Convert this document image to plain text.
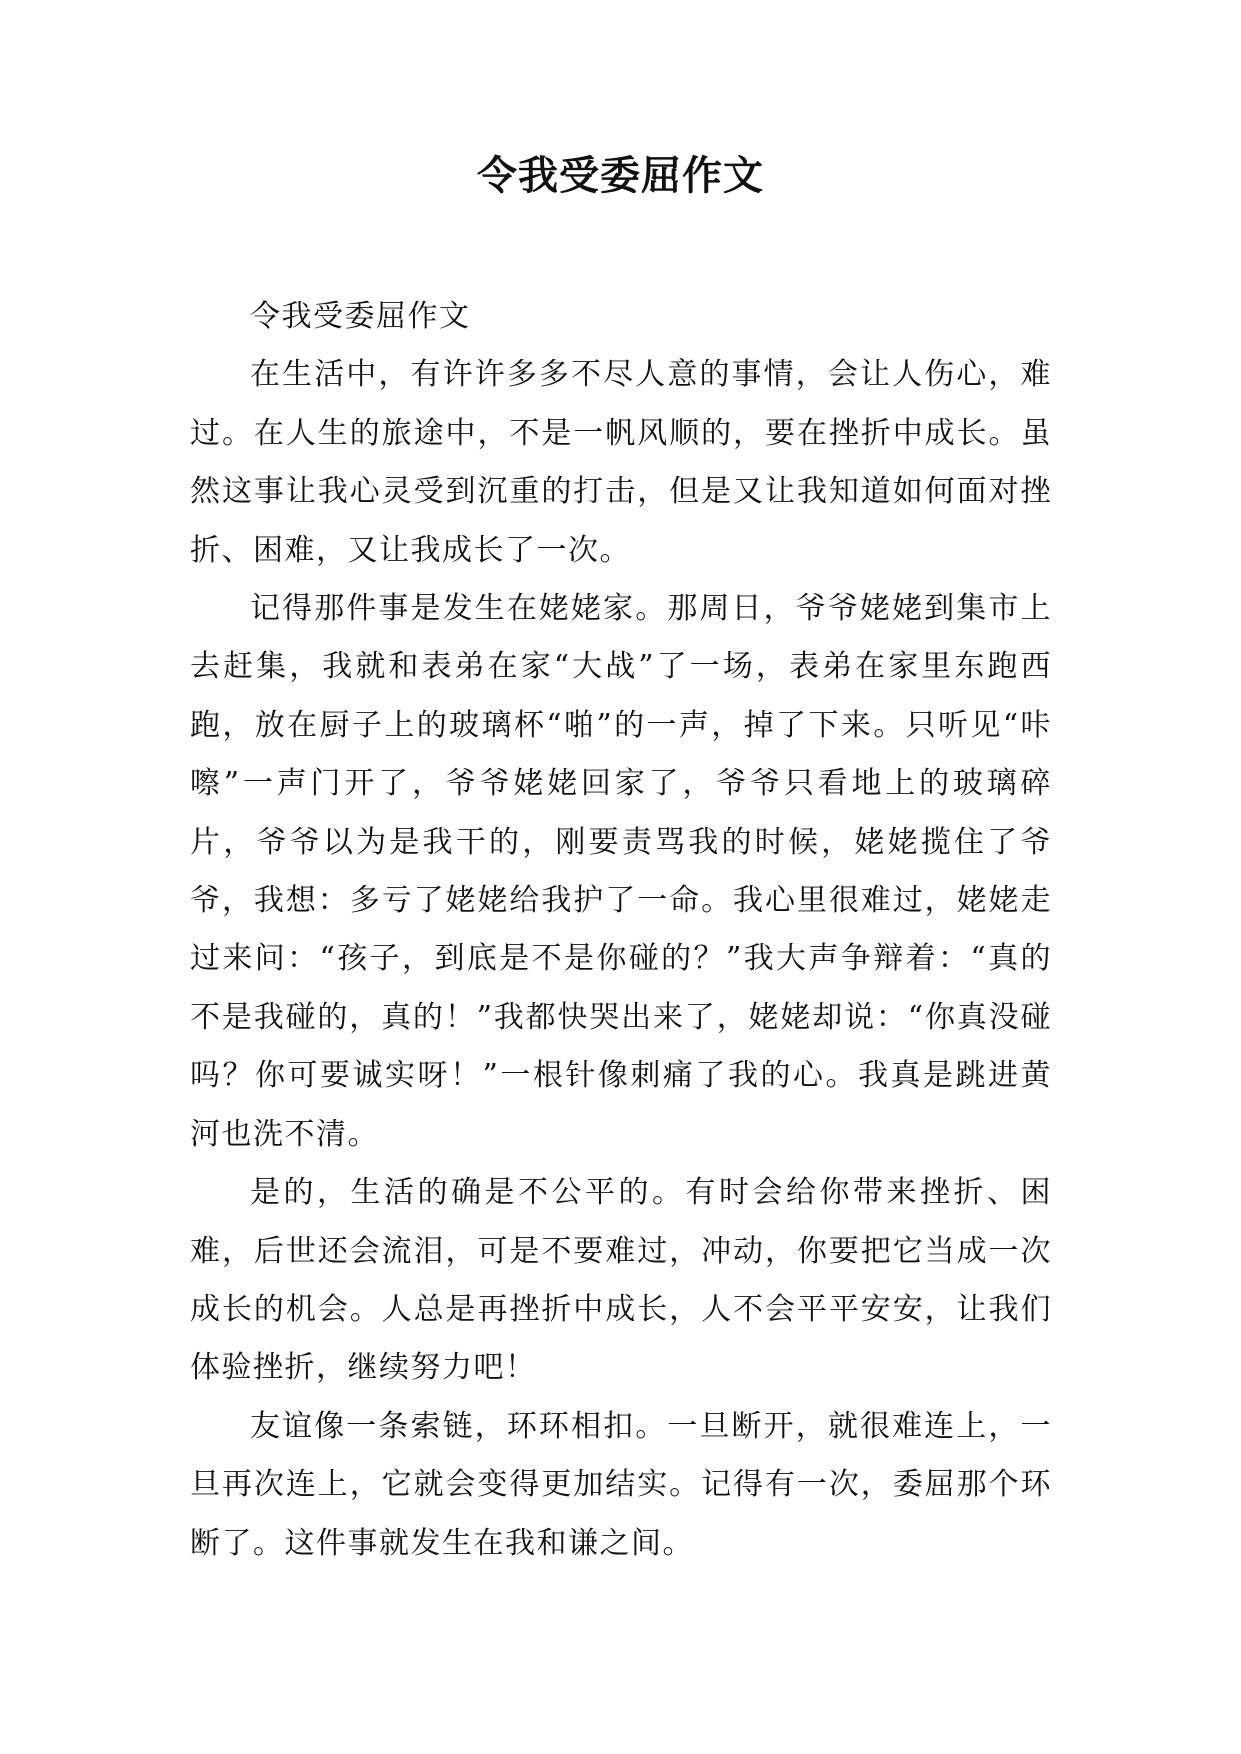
令我受委屈作文

令我受委屈作文

在生活中，有许许多多不尽人意的事情，会让人伤心，难过。在人生的旅途中，不是一帆风顺的，要在挫折中成长。虽然这事让我心灵受到沉重的打击，但是又让我知道如何面对挫折、困难，又让我成长了一次。

记得那件事是发生在姥姥家。那周日，爷爷姥姥到集市上去赶集，我就和表弟在家“大战”了一场，表弟在家里东跑西跑，放在厨子上的玻璃杯“啪”的一声，掉了下来。只听见“咔嚓”一声门开了，爷爷姥姥回家了，爷爷只看地上的玻璃碎片，爷爷以为是我干的，刚要责骂我的时候，姥姥揽住了爷爷，我想：多亏了姥姥给我护了一命。我心里很难过，姥姥走过来问：“孩子，到底是不是你碰的？”我大声争辩着：“真的不是我碰的，真的！”我都快哭出来了，姥姥却说：“你真没碰吗？你可要诚实呀！”一根针像刺痛了我的心。我真是跳进黄河也洗不清。

是的，生活的确是不公平的。有时会给你带来挫折、困难，后世还会流泪，可是不要难过，冲动，你要把它当成一次成长的机会。人总是再挫折中成长，人不会平平安安，让我们体验挫折，继续努力吧！

友谊像一条索链，环环相扣。一旦断开，就很难连上，一旦再次连上，它就会变得更加结实。记得有一次，委屈那个环断了。这件事就发生在我和谦之间。
